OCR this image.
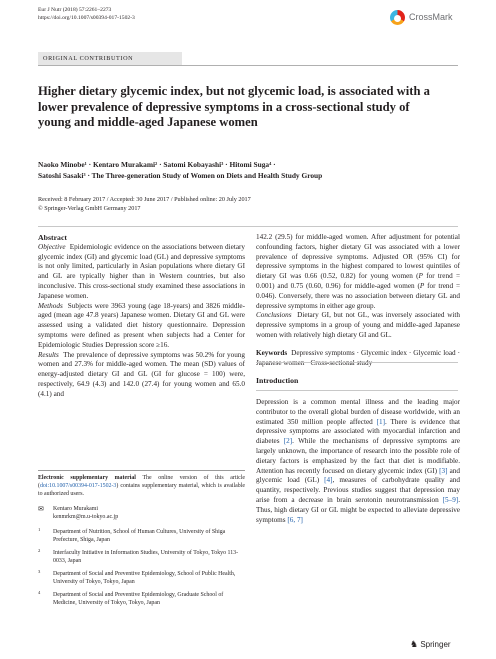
Eur J Nutr (2018) 57:2261–2273
https://doi.org/10.1007/s00394-017-1502-3	CrossMark
ORIGINAL CONTRIBUTION
Higher dietary glycemic index, but not glycemic load, is associated with a lower prevalence of depressive symptoms in a cross-sectional study of young and middle-aged Japanese women
Naoko Minobe¹ · Kentaro Murakami² · Satomi Kobayashi³ · Hitomi Suga⁴ ·
Satoshi Sasaki³ · The Three-generation Study of Women on Diets and Health Study Group
Received: 8 February 2017 / Accepted: 30 June 2017 / Published online: 20 July 2017
© Springer-Verlag GmbH Germany 2017

Abstract

Objective Epidemiologic evidence on the associations between dietary glycemic index (GI) and glycemic load (GL) and depressive symptoms is not only limited, particularly in Asian populations where dietary GI and GL are typically higher than in Western countries, but also inconclusive. This cross-sectional study examined these associations in Japanese women.

Methods Subjects were 3963 young (age 18-years) and 3826 middle-aged (mean age 47.8 years) Japanese women. Dietary GI and GL were assessed using a validated diet history questionnaire. Depression symptoms were defined as present when subjects had a Center for Epidemiologic Studies Depression score ≥16.

Results The prevalence of depressive symptoms was 50.2% for young women and 27.3% for middle-aged women. The mean (SD) values of energy-adjusted dietary GI and GL (GI for glucose = 100) were, respectively, 64.9 (4.3) and 142.0 (27.4) for young women and 65.0 (4.1) and

142.2 (29.5) for middle-aged women. After adjustment for potential confounding factors, higher dietary GI was associated with a lower prevalence of depressive symptoms. Adjusted OR (95% CI) for depressive symptoms in the highest compared to lowest quintiles of dietary GI was 0.66 (0.52, 0.82) for young women (P for trend = 0.001) and 0.75 (0.60, 0.96) for middle-aged women (P for trend = 0.046). Conversely, there was no association between dietary GL and depressive symptoms in either age group.

Conclusions Dietary GI, but not GL, was inversely associated with depressive symptoms in a group of young and middle-aged Japanese women with relatively high dietary GI and GL.

Keywords Depressive symptoms · Glycemic index · Glycemic load ·

Introduction

Depression is a common mental illness and the leading major contributor to the overall global burden of disease worldwide, with an estimated 350 million people affected [1]. There is evidence that depressive symptoms are associated with myocardial infarction and diabetes [2]. While the mechanisms of depressive symptoms are largely unknown, the importance of research into the possible role of dietary factors is emphasized by the fact that diet is modifiable. Attention has recently focused on dietary glycemic index (GI) [3] and glycemic load (GL) [4], measures of carbohydrate quality and quantity, respectively. Previous studies suggest that depression may arise from a decrease in brain serotonin neurotransmission [5–9]. Thus, high dietary GI or GL might be expected to alleviate depressive symptoms [6, 7]

Electronic supplementary material The online version of this article (doi:10.1007/s00394-017-1502-3) contains supplementary material, which is available to authorized users.
✉ Kentaro Murakami
kenmrkm@m.u-tokyo.ac.jp
1 Department of Nutrition, School of Human Cultures, University of Shiga Prefecture, Shiga, Japan
2 Interfaculty Initiative in Information Studies, University of Tokyo, Tokyo 113-0033, Japan
3 Department of Social and Preventive Epidemiology, School of Public Health, University of Tokyo, Tokyo, Japan
4 Department of Social and Preventive Epidemiology, Graduate School of Medicine, University of Tokyo, Tokyo, Japan
♞ Springer
